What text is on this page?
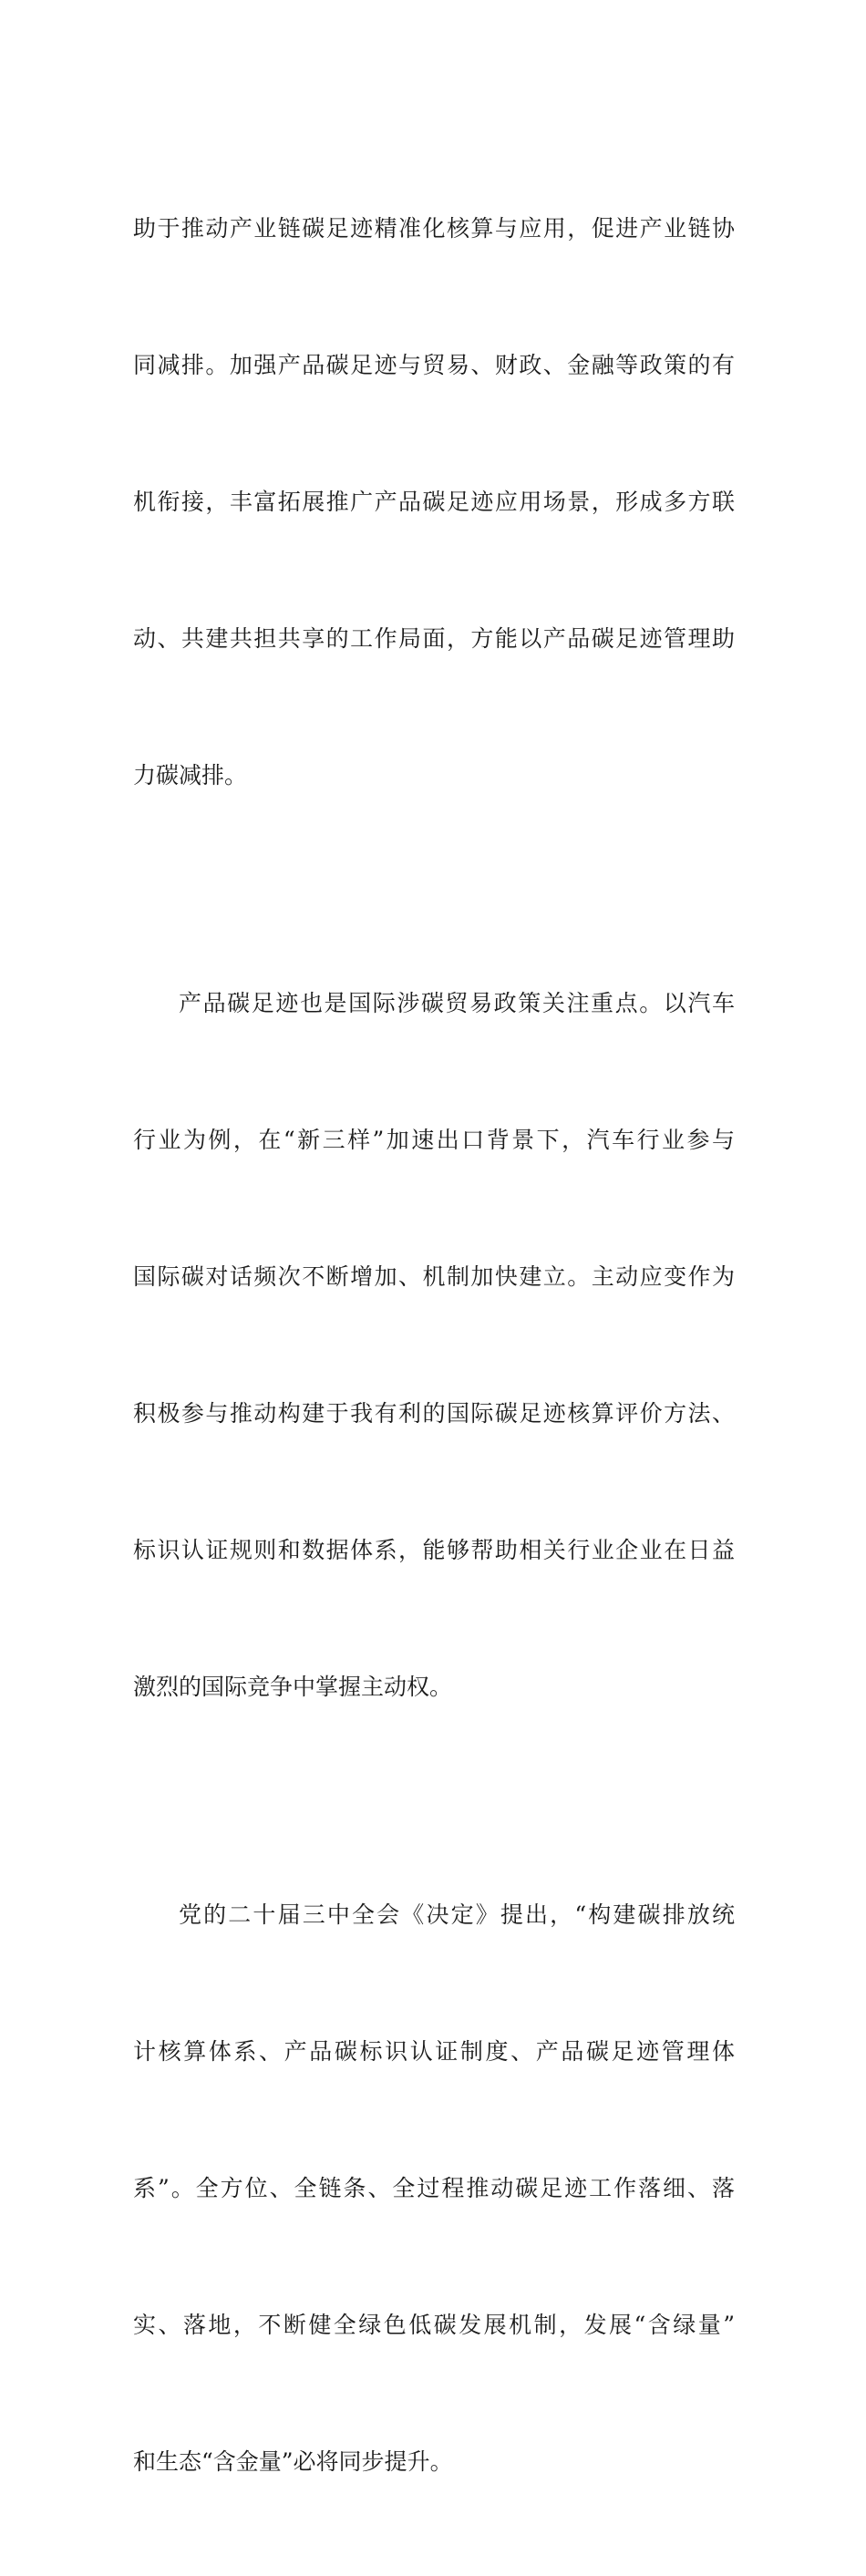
助于推动产业链碳足迹精准化核算与应用，促进产业链协

同减排。加强产品碳足迹与贸易、财政、金融等政策的有

机衔接，丰富拓展推广产品碳足迹应用场景，形成多方联

动、共建共担共享的工作局面，方能以产品碳足迹管理助

力碳减排。

产品碳足迹也是国际涉碳贸易政策关注重点。以汽车

行业为例，在“新三样”加速出口背景下，汽车行业参与

国际碳对话频次不断增加、机制加快建立。主动应变作为

积极参与推动构建于我有利的国际碳足迹核算评价方法、

标识认证规则和数据体系，能够帮助相关行业企业在日益

激烈的国际竞争中掌握主动权。

党的二十届三中全会《决定》提出，“构建碳排放统

计核算体系、产品碳标识认证制度、产品碳足迹管理体

系”。全方位、全链条、全过程推动碳足迹工作落细、落

实、落地，不断健全绿色低碳发展机制，发展“含绿量”

和生态“含金量”必将同步提升。
